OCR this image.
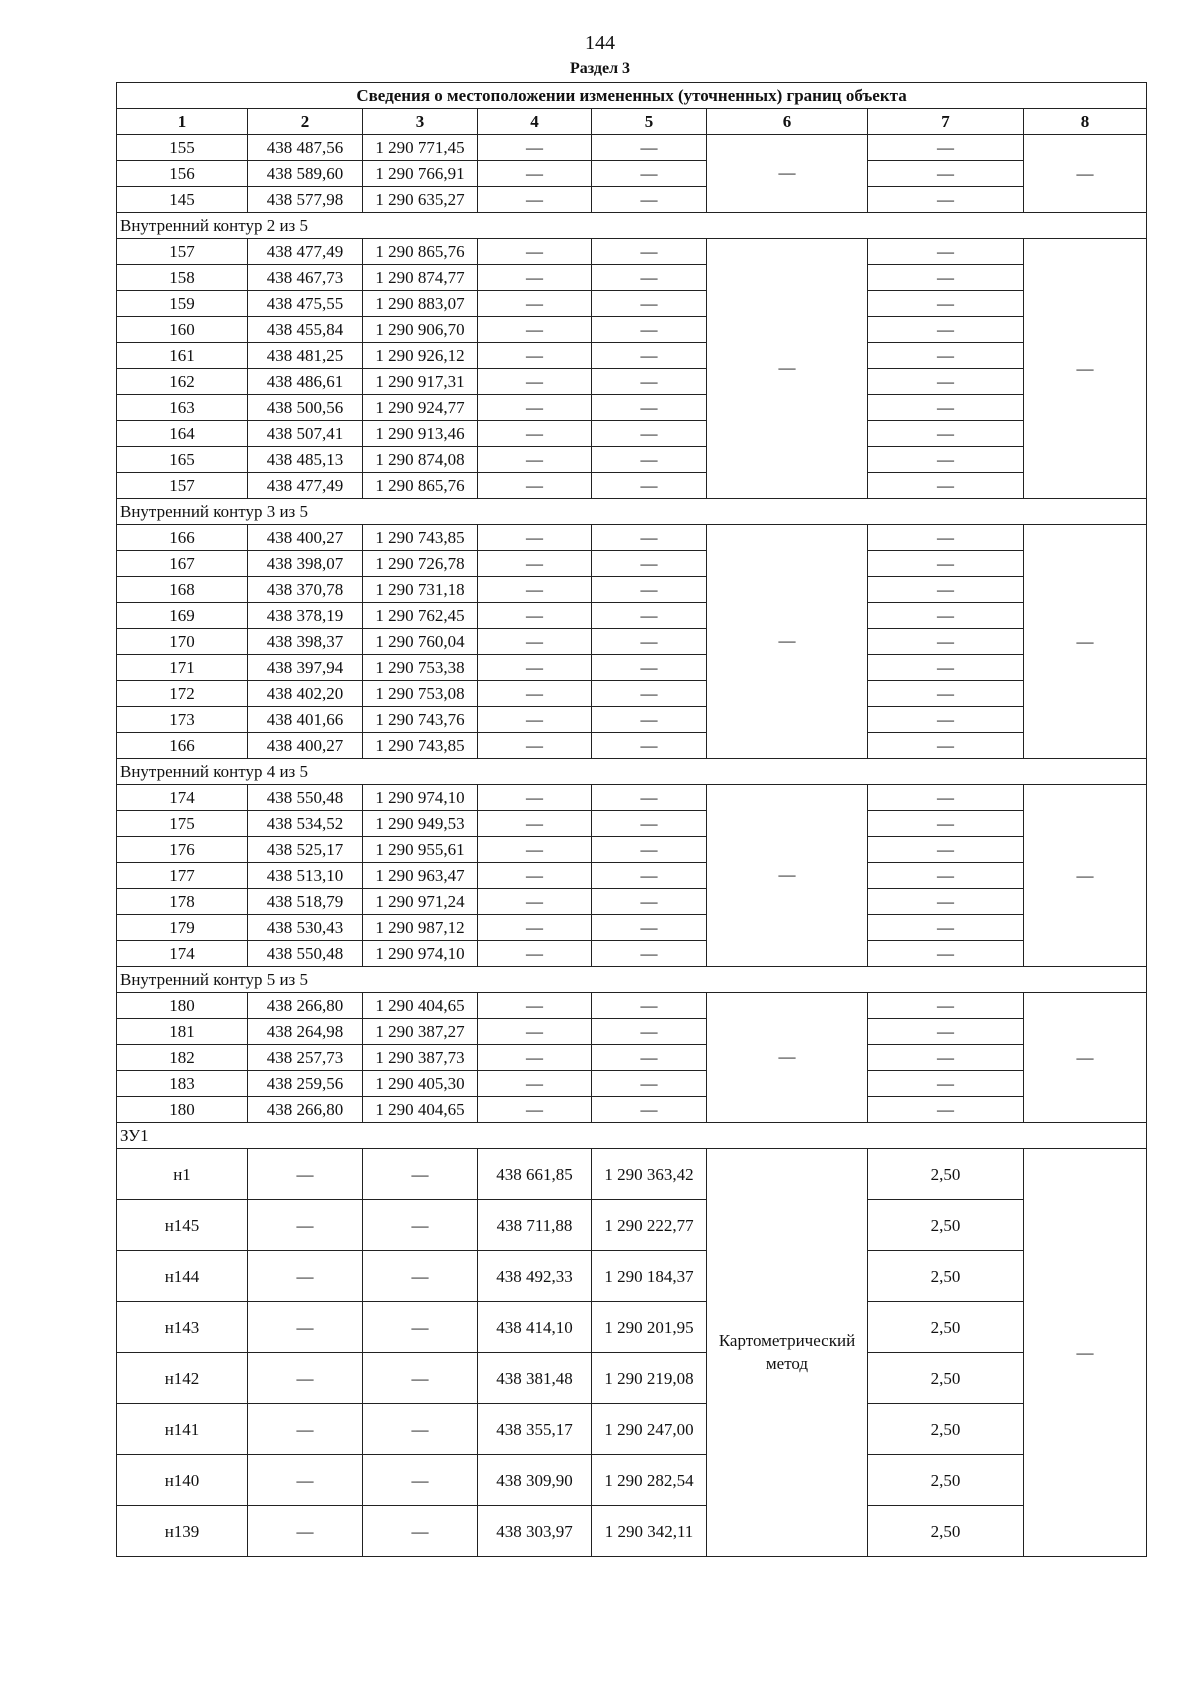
144
Раздел 3
Сведения о местоположении измененных (уточненных) границ объекта							
1	2	3	4	5	6	7	8
155	438 487,56	1 290 771,45	—	—	—	—	—
156	438 589,60	1 290 766,91	—	—		—	
145	438 577,98	1 290 635,27	—	—		—	
Внутренний контур 2 из 5							
157	438 477,49	1 290 865,76	—	—	—	—	—
158	438 467,73	1 290 874,77	—	—		—	
159	438 475,55	1 290 883,07	—	—		—	
160	438 455,84	1 290 906,70	—	—		—	
161	438 481,25	1 290 926,12	—	—		—	
162	438 486,61	1 290 917,31	—	—		—	
163	438 500,56	1 290 924,77	—	—		—	
164	438 507,41	1 290 913,46	—	—		—	
165	438 485,13	1 290 874,08	—	—		—	
157	438 477,49	1 290 865,76	—	—		—	
Внутренний контур 3 из 5							
166	438 400,27	1 290 743,85	—	—	—	—	—
167	438 398,07	1 290 726,78	—	—		—	
168	438 370,78	1 290 731,18	—	—		—	
169	438 378,19	1 290 762,45	—	—		—	
170	438 398,37	1 290 760,04	—	—		—	
171	438 397,94	1 290 753,38	—	—		—	
172	438 402,20	1 290 753,08	—	—		—	
173	438 401,66	1 290 743,76	—	—		—	
166	438 400,27	1 290 743,85	—	—		—	
Внутренний контур 4 из 5							
174	438 550,48	1 290 974,10	—	—	—	—	—
175	438 534,52	1 290 949,53	—	—		—	
176	438 525,17	1 290 955,61	—	—		—	
177	438 513,10	1 290 963,47	—	—		—	
178	438 518,79	1 290 971,24	—	—		—	
179	438 530,43	1 290 987,12	—	—		—	
174	438 550,48	1 290 974,10	—	—		—	
Внутренний контур 5 из 5							
180	438 266,80	1 290 404,65	—	—	—	—	—
181	438 264,98	1 290 387,27	—	—		—	
182	438 257,73	1 290 387,73	—	—		—	
183	438 259,56	1 290 405,30	—	—		—	
180	438 266,80	1 290 404,65	—	—		—	
ЗУ1							
н1	—	—	438 661,85	1 290 363,42	Картометрический метод	2,50	—
н145	—	—	438 711,88	1 290 222,77		2,50	
н144	—	—	438 492,33	1 290 184,37		2,50	
н143	—	—	438 414,10	1 290 201,95		2,50	
н142	—	—	438 381,48	1 290 219,08		2,50	
н141	—	—	438 355,17	1 290 247,00		2,50	
н140	—	—	438 309,90	1 290 282,54		2,50	
н139	—	—	438 303,97	1 290 342,11		2,50	
